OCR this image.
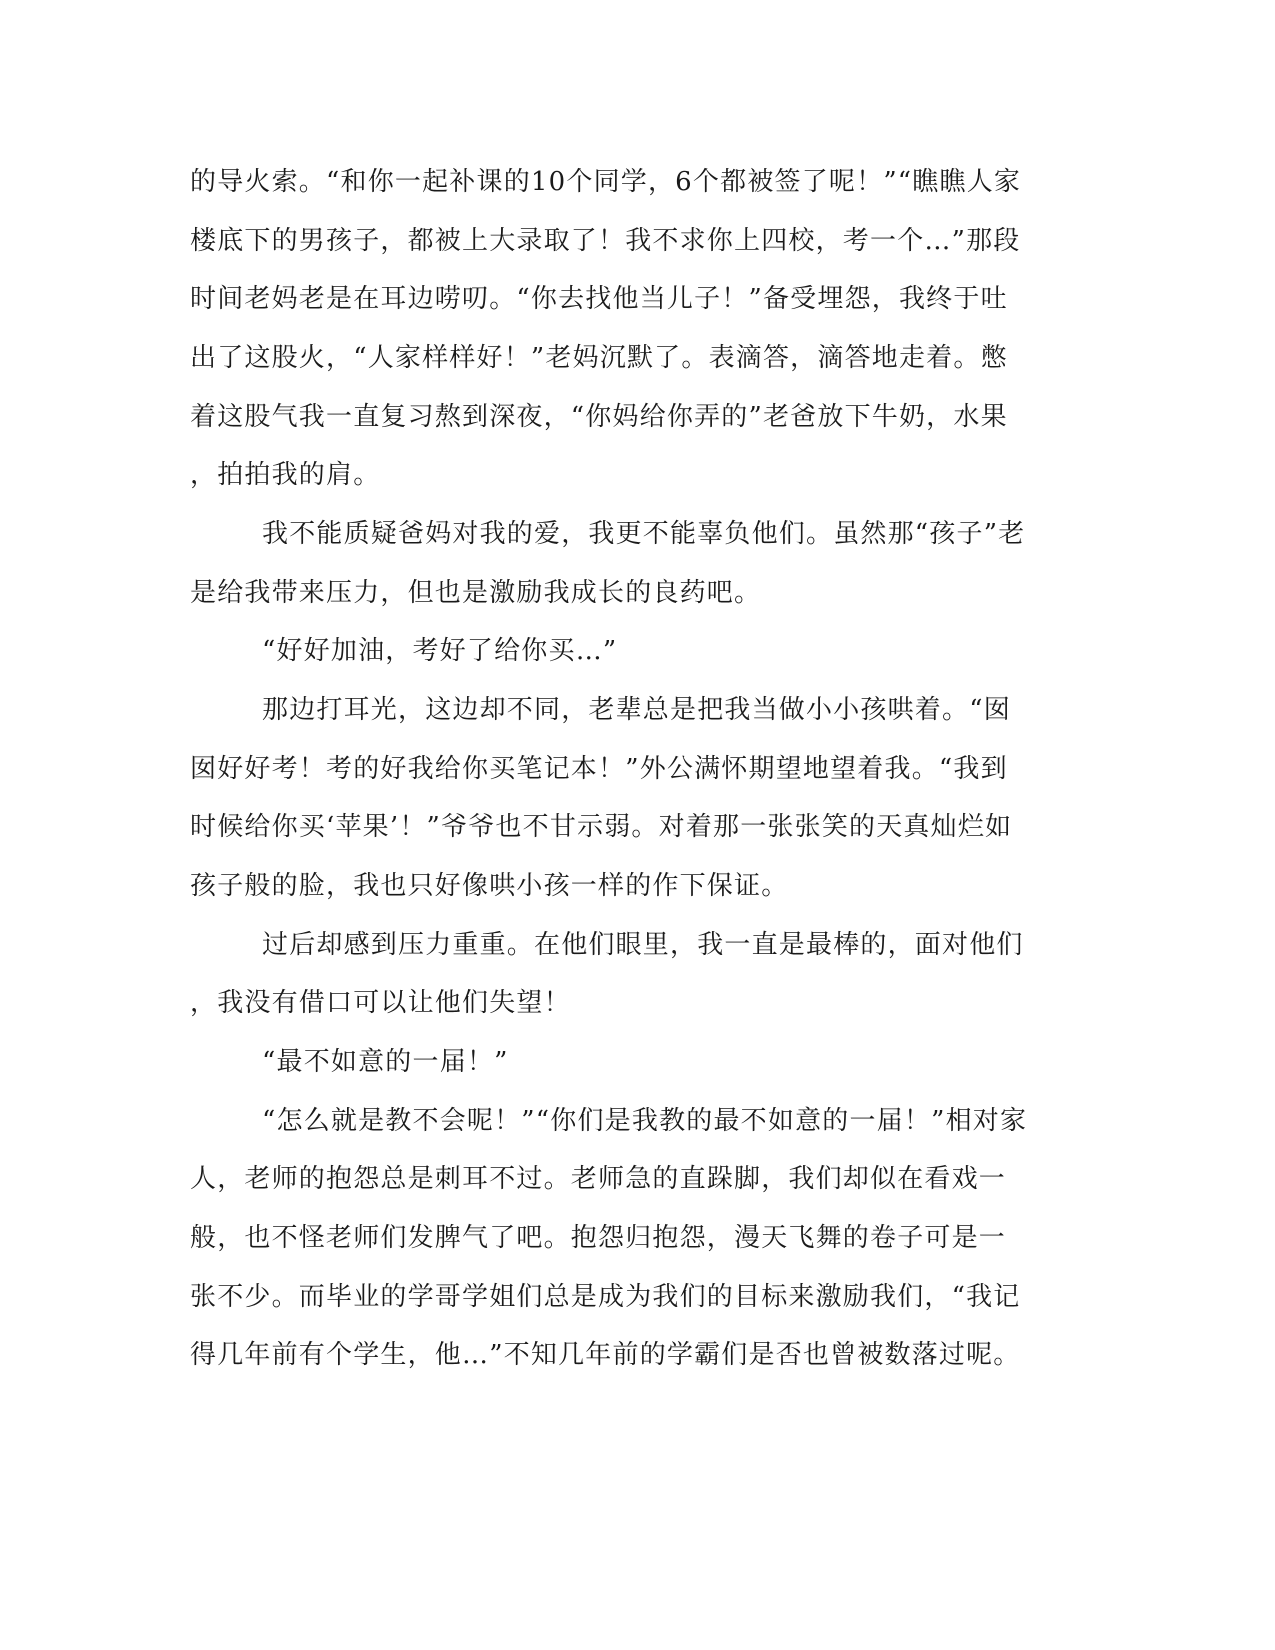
的导火索。“和你一起补课的10个同学，6个都被签了呢！”“瞧瞧人家
楼底下的男孩子，都被上大录取了！我不求你上四校，考一个…”那段
时间老妈老是在耳边唠叨。“你去找他当儿子！”备受埋怨，我终于吐
出了这股火，“人家样样好！”老妈沉默了。表滴答，滴答地走着。憋
着这股气我一直复习熬到深夜，“你妈给你弄的”老爸放下牛奶，水果
，拍拍我的肩。
我不能质疑爸妈对我的爱，我更不能辜负他们。虽然那“孩子”老
是给我带来压力，但也是激励我成长的良药吧。
“好好加油，考好了给你买…”
那边打耳光，这边却不同，老辈总是把我当做小小孩哄着。“囡
囡好好考！考的好我给你买笔记本！”外公满怀期望地望着我。“我到
时候给你买‘苹果’！”爷爷也不甘示弱。对着那一张张笑的天真灿烂如
孩子般的脸，我也只好像哄小孩一样的作下保证。
过后却感到压力重重。在他们眼里，我一直是最棒的，面对他们
，我没有借口可以让他们失望！
“最不如意的一届！”
“怎么就是教不会呢！”“你们是我教的最不如意的一届！”相对家
人，老师的抱怨总是刺耳不过。老师急的直跺脚，我们却似在看戏一
般，也不怪老师们发脾气了吧。抱怨归抱怨，漫天飞舞的卷子可是一
张不少。而毕业的学哥学姐们总是成为我们的目标来激励我们，“我记
得几年前有个学生，他…”不知几年前的学霸们是否也曾被数落过呢。
